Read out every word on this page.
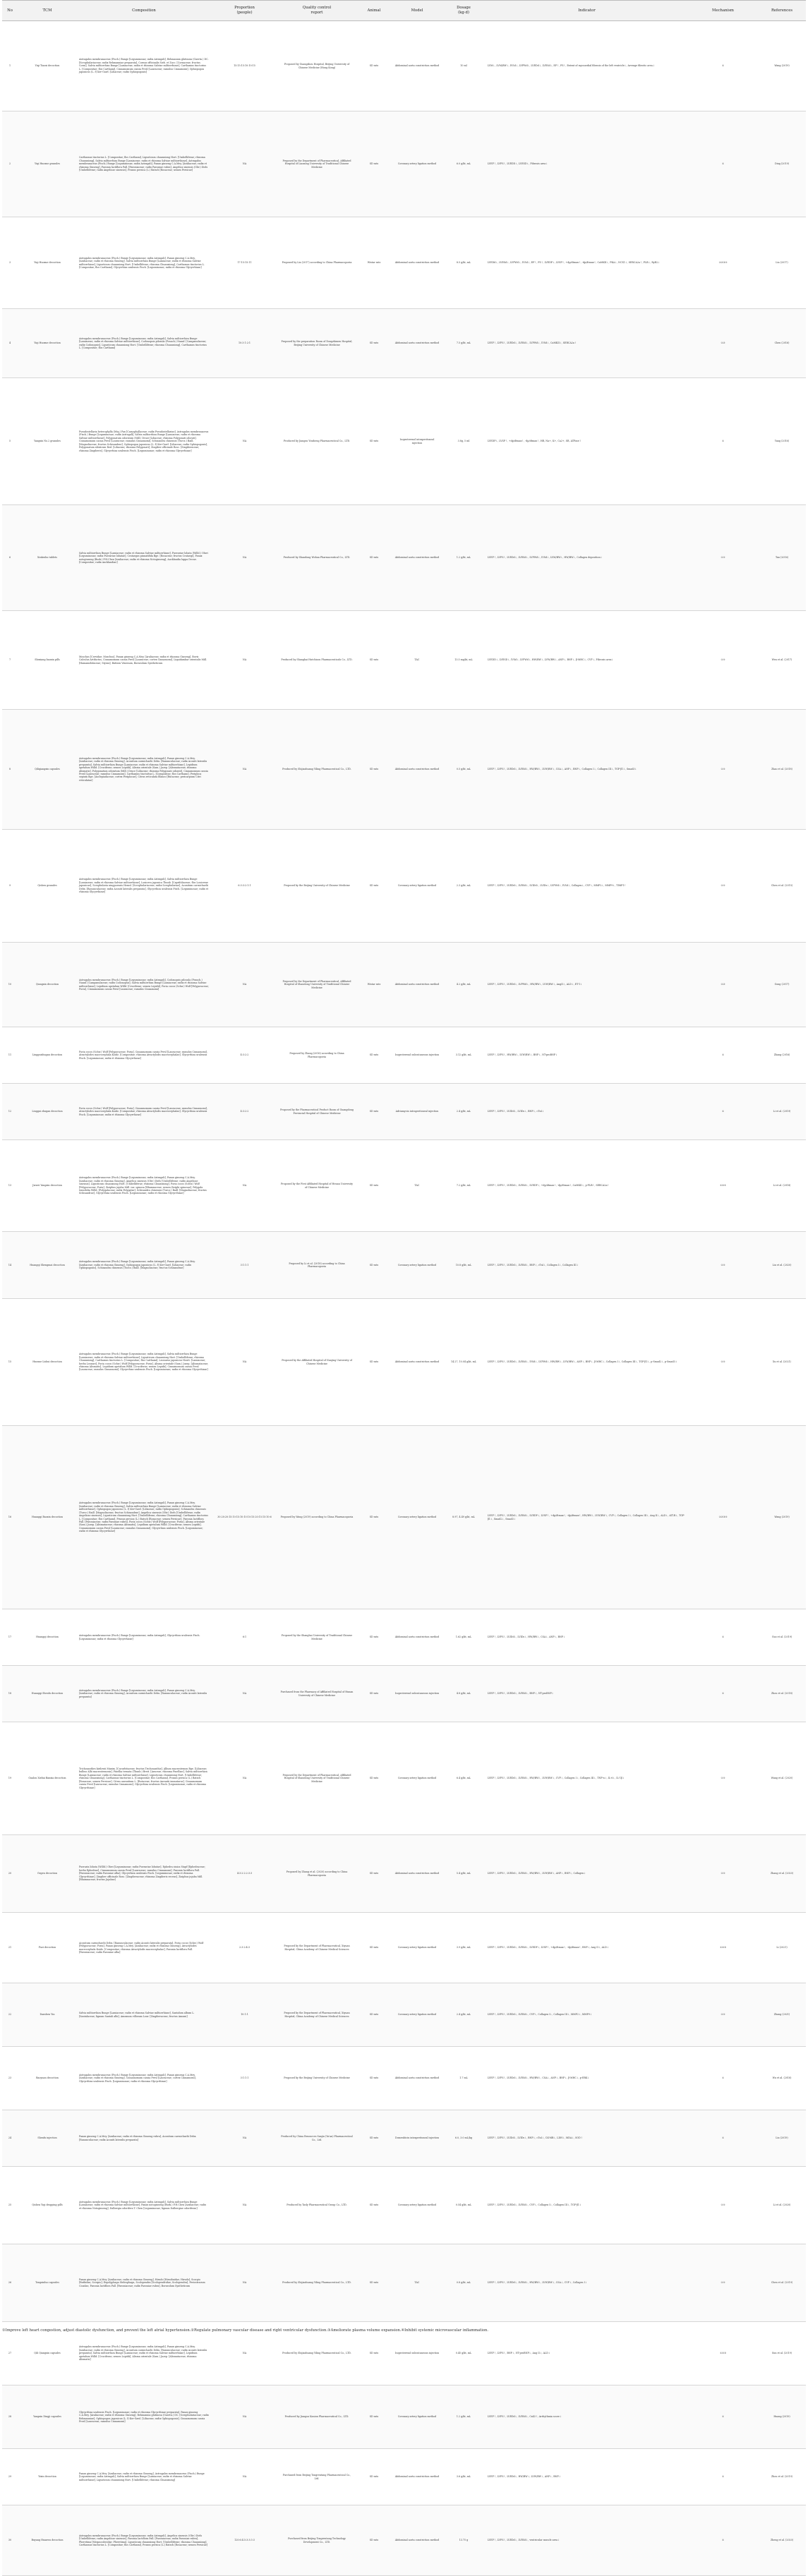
No	TCM	Composition	Proportion
(people)	Quality control
report	Animal	Model	Dosage
(kg·d)	Indicator	Mechanism	References
1	Yiqi Tiaoxi decoction	Astragalus membranaceus (Fisch.) Bunge [Leguminosae; radix Astragali], Rehmannia glutinosa (Gaertn.) DC. [Scrophulariaceae; radix Rehmanniae preparata], Cornus officinalis Sieb. et Zucc. [Cornaceae; fructus Corni], Salvia miltiorrhiza Bunge [Lamiaceae; radix et rhizoma Salviae miltiorrhizae], Carthamus tinctorius L. [Compositae; flos Carthami], Cinnamomum cassia Presl [Lauraceae; ramulus Cinnamomi], Ophiopogon japonicus (L. f) Ker-Gawl. [Liliaceae; radix Ophiopogonis]	15:15:15:10:10:15	Proposed by Guangzhou Hospital, Beijing University of Chinese Medicine (Hong Kong)	SD rats	Abdominal aorta constriction method	10 ml	LVM↓, LVM/BW↓, IVSd↓, LVPWd↓, LVEDd↓, LVESd↓, EF↑, FS↑, Extent of myocardial fibrosis of the left ventricle↓, Average fibrotic area↓	①	Wang (2019)
2	Yiqi Huoxue granules	Carthamus tinctorius L. [Compositae; flos Carthami], Ligusticum chuanxiong Hort. [Umbelliferae; rhizoma Chuanxiong], Salvia miltiorrhiza Bunge [Lamiaceae; radix et rhizoma Salviae miltiorrhizae], Astragalus membranaceus (Fisch.) Bunge [Leguminosae; radix Astragali], Panax ginseng C.A.Mey. [Araliaceae; radix et rhizoma Ginseng], Paeonia lactiflora Pall. [Paeoniaceae; radix Paeoniae rubra], Angelica sinensis (Oliv.) Diels [Umbelliferae; radix Angelicae sinensis], Prunus persica (L.) Batsch [Rosaceae; semen Persicae]	NA	Proposed by the Department of Pharmaceutical, Affiliated Hospital of Liaoning University of Traditional Chinese Medicine	SD rats	Coronary artery ligation method	6.0 g/kt, mL	LVEF↑, LVFS↑, LVEDD↓, LVESD↓, Fibrosis area↓	①	Ding (2019)
3	Yiqi Huoxue decoction	Astragalus membranaceus (Fisch.) Bunge [Leguminosae; radix Astragali], Panax ginseng C.A.Mey. [Araliaceae; radix et rhizoma Ginseng], Salvia miltiorrhiza Bunge [Lamiaceae; radix et rhizoma Salviae miltiorrhizae], Ligusticum chuanxiong Hort. [Umbelliferae; rhizoma Chuanxiong], Carthamus tinctorius L. [Compositae; flos Carthami], Glycyrrhiza uralensis Fisch. [Leguminosae; radix et rhizoma Glycyrrhizae]	17:15:15:11	Proposed by Lin (2017) according to China Pharmacopoeia	Wistar rats	Abdominal aorta constriction method	8.5 g/kt, mL	LVEDd↓, LVESd↓, LVPWd↓, IVSd↓, EF↑, FS↑, LVEDP↓, LVSP↑, +dp/dtmax↑, -dp/dtmax↑, CaMKII↓, PKA↓, NCX1↓, SERCA2a↑, PLB↓, RyR2↓	①②③④	Liu (2017)
4	Yiqi Huoxue decoction	Astragalus membranaceus (Fisch.) Bunge [Leguminosae; radix Astragali], Salvia miltiorrhiza Bunge [Lamiaceae; radix et rhizoma Salviae miltiorrhizae], Codonopsis pilosula (Franch.) Nannf. [Campanulaceae; radix Codonopsis], Ligusticum chuanxiong Hort. [Umbelliferae; rhizoma Chuanxiong], Carthamus tinctorius L. [Compositae; flos Carthami]	10:3:1:2:1	Proposed by the preparation Room of Dongzhimen Hospital, Beijing University of Chinese Medicine	SD rats	Abdominal aorta constriction method	7.5 g/kt, mL	LVEF↑, LVFS↑, LVEDd↓, LVESd↓, LVPWd↓, IVSd↓, CaMKII↓, SERCA2a↑	①②	Chen (2016)
5	Yangxin No.2 granules	Pseudostellaria heterophylla (Miq.) Pax [Caryophyllaceae; radix Pseudostellariae], Astragalus membranaceus (Fisch.) Bunge [Leguminosae; radix Astragali], Salvia miltiorrhiza Bunge [Lamiaceae; radix et rhizoma Salviae miltiorrhizae], Polygonatum odoratum (Mill.) Druce [Liliaceae; rhizoma Polygonati odorati], Cinnamomum cassia Presl [Lauraceae; ramulus Cinnamomi], Schisandra chinensis (Turcz.) Baill. [Magnoliaceae; fructus Schisandrae], Ophiopogon japonicus (L. f) Ker-Gawl. [Liliaceae; radix Ophiopogonis], Polygonatum sibiricum Red. [Liliaceae; rhizoma Polygonati], Zingiber officinale Rosc. [Zingiberaceae; rhizoma Zingiberis], Glycyrrhiza uralensis Fisch. [Leguminosae; radix et rhizoma Glycyrrhizae]	NA	Produced by Jiangsu Yinsheng Pharmaceutical Co., LTD.	SD rats	Isoproterenol intraperitoneal injection	3.8g, 5 ml	LVEDP↓, LVSP↑, +dp/dtmax↑, -dp/dtmax↑, HR, Na+, K+, Ca2+, SR, ATPase↑	①	Yang (2016)
6	Xinkeshu tablets	Salvia miltiorrhiza Bunge [Lamiaceae; radix et rhizoma Salviae miltiorrhizae], Puerariae lobata (Willd.) Ohwi [Leguminosae; radix Puerariae lobatae], Crataegus pinnatifida Bge. [Rosaceae; fructus Crataegi], Panax notoginseng (Burk.) F.H.Chen [Araliaceae; radix et rhizoma Notoginseng], Aucklandia lappa Decne. [Compositae; radix Aucklandiae]	NA	Produced by Shandong Wohua Pharmaceutical Co., LTD.	SD rats	Abdominal aorta constriction method	1.2 g/kt, mL	LVEF↑, LVFS↑, LVEDd↓, LVESd↓, LVPWd↓, IVSd↓, LVM/BW↓, HW/BW↓, Collagen deposition↓	①④	Tan (2016)
7	Shexiang baoxin pills	Moschus [Cervidae; Moschus], Panax ginseng C.A.Mey. [Araliaceae; radix et rhizoma Ginseng], Bovis Calculus Artifactus, Cinnamomum cassia Presl [Lauraceae; cortex Cinnamomi], Liquidambar orientalis Mill. [Hamamelidaceae; Styrax], Bufonis Venenum, Borneolum Syntheticum	NA	Produced by Shanghai Hutchison Pharmaceuticals Co., LTD.	SD rats	TAC	13.5 mg/kt, mL	LVEDD↓, LVESD↓, IVSd↓, LVPWd↓, HW/BW↓, LVW/BW↓, ANP↓, BNP↓, β-MHC↓, CVF↓, Fibrosis area↓	①④	Wen et al. (2017)
8	Qiliqiangxin capsules	Astragalus membranaceus (Fisch.) Bunge [Leguminosae; radix Astragali], Panax ginseng C.A.Mey. [Araliaceae; radix et rhizoma Ginseng], Aconitum carmichaelii Debx. [Ranunculaceae; radix Aconiti lateralis preparata], Salvia miltiorrhiza Bunge [Lamiaceae; radix et rhizoma Salviae miltiorrhizae], Lepidium apetalum Willd. [Cruciferae; semen Lepidii], Alisma orientale (Sam.) Juzep. [Alismataceae; rhizoma Alismatis], Polygonatum odoratum (Mill.) Druce [Liliaceae; rhizoma Polygonati odorati], Cinnamomum cassia Presl [Lauraceae; ramulus Cinnamomi], Carthamus tinctorius L. [Compositae; flos Carthami], Periploca sepium Bge. [Asclepiadaceae; cortex Periplocae], Citrus reticulata Blanco [Rutaceae; pericarpium Citri reticulatae]	NA	Produced by Shijiazhuang Yiling Pharmaceutical Co., LTD.	SD rats	Abdominal aorta constriction method	0.5 g/kt, mL	LVEF↑, LVFS↑, LVEDd↓, LVESd↓, HW/BW↓, LVW/BW↓, CSA↓, ANP↓, BNP↓, Collagen I↓, Collagen III↓, TGF-β1↓, Smad3↓	①④	Zhao et al. (2018)
9	Qishen granules	Astragalus membranaceus (Fisch.) Bunge [Leguminosae; radix Astragali], Salvia miltiorrhiza Bunge [Lamiaceae; radix et rhizoma Salviae miltiorrhizae], Lonicera japonica Thunb. [Caprifoliaceae; flos Lonicerae japonicae], Scrophularia ningpoensis Hemsl. [Scrophulariaceae; radix Scrophulariae], Aconitum carmichaelii Debx. [Ranunculaceae; radix Aconiti lateralis preparata], Glycyrrhiza uralensis Fisch. [Leguminosae; radix et rhizoma Glycyrrhizae]	6:3:3:2:1:1	Proposed by the Beijing University of Chinese Medicine	SD rats	Coronary artery ligation method	2.3 g/kt, mL	LVEF↑, LVFS↑, LVEDd↓, LVESd↓, LVIDd↓, LVIDs↓, LVPWd↓, IVSd↓, Collagen↓, CVF↓, MMP2↓, MMP9↓, TIMP1↑	①④	Chen et al. (2015)
10	Qiangxin decoction	Astragalus membranaceus (Fisch.) Bunge [Leguminosae; radix Astragali], Codonopsis pilosula (Franch.) Nannf. [Campanulaceae; radix Codonopsis], Salvia miltiorrhiza Bunge [Lamiaceae; radix et rhizoma Salviae miltiorrhizae], Lepidium apetalum Willd. [Cruciferae; semen Lepidii], Poria cocos (Schw.) Wolf [Polyporaceae; Poria], Cinnamomum cassia Presl [Lauraceae; ramulus Cinnamomi]	NA	Proposed by the Department of Pharmaceutical, Affiliated Hospital of Shandong University of Traditional Chinese Medicine	Wistar rats	Abdominal aorta constriction method	4.2 g/kt, mL	LVEF↑, LVFS↑, LVEDd↓, LVPWd↓, HW/BW↓, LVW/BW↓, AngII↓, ALD↓, ET-1↓	①②	Gong (2017)
11	Lingguizhugan decoction	Poria cocos (Schw.) Wolf [Polyporaceae; Poria], Cinnamomum cassia Presl [Lauraceae; ramulus Cinnamomi], Atractylodes macrocephala Koidz. [Compositae; rhizoma Atractylodis macrocephalae], Glycyrrhiza uralensis Fisch. [Leguminosae; radix et rhizoma Glycyrrhizae]	4:3:2:2	Proposed by Zhang (2016) according to China Pharmacopoeia	SD rats	Isoproterenol subcutaneous injection	3.12 g/kt, mL	LVEF↑, LVFS↑, HW/BW↓, LVW/BW↓, BNP↓, NT-proBNP↓	①	Zhang (2016)
12	Linggui zhugan decoction	Poria cocos (Schw.) Wolf [Polyporaceae; Poria], Cinnamomum cassia Presl [Lauraceae; ramulus Cinnamomi], Atractylodes macrocephala Koidz. [Compositae; rhizoma Atractylodis macrocephalae], Glycyrrhiza uralensis Fisch. [Leguminosae; radix et rhizoma Glycyrrhizae]	4:3:2:2	Proposed by the Pharmaceutical Product Room of Guangdong Provincial Hospital of Chinese Medicine	SD rats	Adriamycin intraperitoneal injection	2.4 g/kt, mL	LVEF↑, LVFS↑, LVIDd↓, LVIDs↓, BNP↓, cTnI↓	①	Li et al. (2019)
13	Jiawei Yangxin decoction	Astragalus membranaceus (Fisch.) Bunge [Leguminosae; radix Astragali], Panax ginseng C.A.Mey. [Araliaceae; radix et rhizoma Ginseng], Angelica sinensis (Oliv.) Diels [Umbelliferae; radix Angelicae sinensis], Ligusticum chuanxiong Hort. [Umbelliferae; rhizoma Chuanxiong], Poria cocos (Schw.) Wolf [Polyporaceae; Poria], Ziziphus jujuba Mill. var. spinosa [Rhamnaceae; semen Ziziphi spinosae], Polygala tenuifolia Willd. [Polygalaceae; radix Polygalae], Schisandra chinensis (Turcz.) Baill. [Magnoliaceae; fructus Schisandrae], Glycyrrhiza uralensis Fisch. [Leguminosae; radix et rhizoma Glycyrrhizae]	NA	Proposed by the First Affiliated Hospital of Henan University of Chinese Medicine	SD rats	TAC	7.2 g/kt, mL	LVEF↑, LVFS↑, LVEDd↓, LVESd↓, LVEDP↓, +dp/dtmax↑, -dp/dtmax↑, CaMKII↓, p-PLB↑, SERCA2a↑	①②④	Li et al. (2018)
14	Huangqi Shengmai decoction	Astragalus membranaceus (Fisch.) Bunge [Leguminosae; radix Astragali], Panax ginseng C.A.Mey. [Araliaceae; radix et rhizoma Ginseng], Ophiopogon japonicus (L. f) Ker-Gawl. [Liliaceae; radix Ophiopogonis], Schisandra chinensis (Turcz.) Baill. [Magnoliaceae; fructus Schisandrae]	3:1:1:1	Proposed by Li et al. (2018) according to China Pharmacopoeia	SD rats	Coronary artery ligation method	10.8 g/kt, mL	LVEF↑, LVFS↑, LVEDd↓, LVESd↓, BNP↓, cTnI↓, Collagen I↓, Collagen III↓	①④	Liu et al. (2020)
15	Huoxue Lishui decoction	Astragalus membranaceus (Fisch.) Bunge [Leguminosae; radix Astragali], Salvia miltiorrhiza Bunge [Lamiaceae; radix et rhizoma Salviae miltiorrhizae], Ligusticum chuanxiong Hort. [Umbelliferae; rhizoma Chuanxiong], Carthamus tinctorius L. [Compositae; flos Carthami], Leonurus japonicus Houtt. [Lamiaceae; herba Leonuri], Poria cocos (Schw.) Wolf [Polyporaceae; Poria], Alisma orientale (Sam.) Juzep. [Alismataceae; rhizoma Alismatis], Lepidium apetalum Willd. [Cruciferae; semen Lepidii], Cinnamomum cassia Presl [Lauraceae; ramulus Cinnamomi], Glycyrrhiza uralensis Fisch. [Leguminosae; radix et rhizoma Glycyrrhizae]	NA	Proposed by the Affiliated Hospital of Nanjing University of Chinese Medicine	SD rats	Abdominal aorta constriction method	14.27, 10.04 g/kt, mL	LVEF↑, LVFS↑, LVEDd↓, LVESd↓, IVSd↓, LVPWd↓, HW/BW↓, LVW/BW↓, ANP↓, BNP↓, β-MHC↓, Collagen I↓, Collagen III↓, TGF-β1↓, p-Smad2↓, p-Smad3↓	①④	Xu et al. (2021)
16	Huangqi Baoxin decoction	Astragalus membranaceus (Fisch.) Bunge [Leguminosae; radix Astragali], Panax ginseng C.A.Mey. [Araliaceae; radix et rhizoma Ginseng], Salvia miltiorrhiza Bunge [Lamiaceae; radix et rhizoma Salviae miltiorrhizae], Ophiopogon japonicus (L. f) Ker-Gawl. [Liliaceae; radix Ophiopogonis], Schisandra chinensis (Turcz.) Baill. [Magnoliaceae; fructus Schisandrae], Angelica sinensis (Oliv.) Diels [Umbelliferae; radix Angelicae sinensis], Ligusticum chuanxiong Hort. [Umbelliferae; rhizoma Chuanxiong], Carthamus tinctorius L. [Compositae; flos Carthami], Prunus persica (L.) Batsch [Rosaceae; semen Persicae], Paeonia lactiflora Pall. [Paeoniaceae; radix Paeoniae rubra], Poria cocos (Schw.) Wolf [Polyporaceae; Poria], Alisma orientale (Sam.) Juzep. [Alismataceae; rhizoma Alismatis], Lepidium apetalum Willd. [Cruciferae; semen Lepidii], Cinnamomum cassia Presl [Lauraceae; ramulus Cinnamomi], Glycyrrhiza uralensis Fisch. [Leguminosae; radix et rhizoma Glycyrrhizae]	30:20:20:15:10:15:10:10:10:15:20:15:15:10:6	Proposed by Wang (2019) according to China Pharmacopoeia	SD rats	Coronary artery ligation method	8.97, 4.49 g/kt, mL	LVEF↑, LVFS↑, LVEDd↓, LVESd↓, LVEDP↓, LVSP↑, +dp/dtmax↑, -dp/dtmax↑, HW/BW↓, LVW/BW↓, CVF↓, Collagen I↓, Collagen III↓, Ang II↓, ALD↓, AT1R↓, TGF-β1↓, Smad2↓, Smad3↓	①②③④	Wang (2019)
17	Huangqi decoction	Astragalus membranaceus (Fisch.) Bunge [Leguminosae; radix Astragali], Glycyrrhiza uralensis Fisch. [Leguminosae; radix et rhizoma Glycyrrhizae]	6:1	Proposed by the Shanghai University of Traditional Chinese Medicine	SD rats	Abdominal aorta constriction method	1.62 g/kt, mL	LVEF↑, LVFS↑, LVIDd↓, LVIDs↓, HW/BW↓, CSA↓, ANP↓, BNP↓	①	Guo et al. (2019)
18	Huangqi Shenfu decoction	Astragalus membranaceus (Fisch.) Bunge [Leguminosae; radix Astragali], Panax ginseng C.A.Mey. [Araliaceae; radix et rhizoma Ginseng], Aconitum carmichaelii Debx. [Ranunculaceae; radix Aconiti lateralis preparata]	NA	Purchased from the Pharmacy of Affiliated Hospital of Hunan University of Chinese Medicine	SD rats	Isoproterenol subcutaneous injection	4.8 g/kt, mL	LVEF↑, LVFS↑, LVEDd↓, LVESd↓, BNP↓, NT-proBNP↓	①	Zhou et al. (2018)
19	Gualou Xiebai Banxia decoction	Trichosanthes kirilowii Maxim. [Cucurbitaceae; fructus Trichosanthis], Allium macrostemon Bge. [Liliaceae; bulbus Allii macrostemonis], Pinellia ternata (Thunb.) Breit. [Araceae; rhizoma Pinelliae], Salvia miltiorrhiza Bunge [Lamiaceae; radix et rhizoma Salviae miltiorrhizae], Ligusticum chuanxiong Hort. [Umbelliferae; rhizoma Chuanxiong], Carthamus tinctorius L. [Compositae; flos Carthami], Prunus persica (L.) Batsch [Rosaceae; semen Persicae], Citrus aurantium L. [Rutaceae; fructus Aurantii immaturus], Cinnamomum cassia Presl [Lauraceae; ramulus Cinnamomi], Glycyrrhiza uralensis Fisch. [Leguminosae; radix et rhizoma Glycyrrhizae]	NA	Proposed by the Department of Pharmaceutical, Affiliated Hospital of Shandong University of Traditional Chinese Medicine	SD rats	Coronary artery ligation method	6.4 g/kt, mL	LVEF↑, LVFS↑, LVEDd↓, LVESd↓, HW/BW↓, LVW/BW↓, CVF↓, Collagen I↓, Collagen III↓, TNF-α↓, IL-6↓, IL-1β↓	①④	Wang et al. (2020)
20	Gegen decoction	Pueraria lobata (Willd.) Ohwi [Leguminosae; radix Puerariae lobatae], Ephedra sinica Stapf [Ephedraceae; herba Ephedrae], Cinnamomum cassia Presl [Lauraceae; ramulus Cinnamomi], Paeonia lactiflora Pall. [Paeoniaceae; radix Paeoniae alba], Glycyrrhiza uralensis Fisch. [Leguminosae; radix et rhizoma Glycyrrhizae], Zingiber officinale Rosc. [Zingiberaceae; rhizoma Zingiberis recens], Ziziphus jujuba Mill. [Rhamnaceae; fructus Jujubae]	4:3:2:2:2:3:3	Proposed by Zhang et al. (2020) according to China Pharmacopoeia	SD rats	Abdominal aorta constriction method	5.4 g/kt, mL	LVEF↑, LVFS↑, LVEDd↓, LVESd↓, HW/BW↓, LVW/BW↓, ANP↓, BNP↓, Collagen↓	①④	Zhang et al. (2020)
21	Fuzi decoction	Aconitum carmichaelii Debx. [Ranunculaceae; radix Aconiti lateralis preparata], Poria cocos (Schw.) Wolf [Polyporaceae; Poria], Panax ginseng C.A.Mey. [Araliaceae; radix et rhizoma Ginseng], Atractylodes macrocephala Koidz. [Compositae; rhizoma Atractylodis macrocephalae], Paeonia lactiflora Pall. [Paeoniaceae; radix Paeoniae alba]	2:3:2:4:3	Proposed by the Department of Pharmaceutical, Xiyuan Hospital, China Academy of Chinese Medical Sciences	SD rats	Coronary artery ligation method	3.9 g/kt, mL	LVEF↑, LVFS↑, LVEDd↓, LVESd↓, LVEDP↓, LVSP↑, +dp/dtmax↑, -dp/dtmax↑, BNP↓, Ang II↓, ALD↓	①②③	Li (2021)
22	Danshen Yin	Salvia miltiorrhiza Bunge [Lamiaceae; radix et rhizoma Salviae miltiorrhizae], Santalum album L. [Santalaceae; lignum Santali albi], Amomum villosum Lour. [Zingiberaceae; fructus Amomi]	10:1:1	Proposed by the Department of Pharmaceutical, Xiyuan Hospital, China Academy of Chinese Medical Sciences	SD rats	Coronary artery ligation method	2.4 g/kt, mL	LVEF↑, LVFS↑, LVEDd↓, LVESd↓, CVF↓, Collagen I↓, Collagen III↓, MMP2↓, MMP9↓	①④	Zhang (2021)
23	Baoyuan decoction	Astragalus membranaceus (Fisch.) Bunge [Leguminosae; radix Astragali], Panax ginseng C.A.Mey. [Araliaceae; radix et rhizoma Ginseng], Cinnamomum cassia Presl [Lauraceae; cortex Cinnamomi], Glycyrrhiza uralensis Fisch. [Leguminosae; radix et rhizoma Glycyrrhizae]	3:1:1:1	Proposed by the Beijing University of Chinese Medicine	SD rats	Abdominal aorta constriction method	1.7 mL	LVEF↑, LVFS↑, LVEDd↓, LVESd↓, HW/BW↓, CSA↓, ANP↓, BNP↓, β-MHC↓, p-ERK↓	①	Wu et al. (2018)
24	Shenfu injection	Panax ginseng C.A.Mey. [Araliaceae; radix et rhizoma Ginseng rubra], Aconitum carmichaelii Debx. [Ranunculaceae; radix Aconiti lateralis preparata]	NA	Produced by China Resources Sanjiu (Ya'an) Pharmaceutical Co., Ltd.	SD rats	Doxorubicin intraperitoneal injection	6.0, 3.0 mL/kg	LVEF↑, LVFS↑, LVIDd↓, LVIDs↓, BNP↓, cTnI↓, CK-MB↓, LDH↓, MDA↓, SOD↑	①	Liu (2019)
25	Qishen Yiqi dropping pills	Astragalus membranaceus (Fisch.) Bunge [Leguminosae; radix Astragali], Salvia miltiorrhiza Bunge [Lamiaceae; radix et rhizoma Salviae miltiorrhizae], Panax notoginseng (Burk.) F.H.Chen [Araliaceae; radix et rhizoma Notoginseng], Dalbergia odorifera T. Chen [Leguminosae; lignum Dalbergiae odoriferae]	NA	Produced by Tasly Pharmaceutical Group Co., LTD.	SD rats	Coronary artery ligation method	0.54 g/kt, mL	LVEF↑, LVFS↑, LVEDd↓, LVESd↓, CVF↓, Collagen I↓, Collagen III↓, TGF-β1↓	①④	Li et al. (2020)
26	Tongxinluo capsules	Panax ginseng C.A.Mey. [Araliaceae; radix et rhizoma Ginseng], Hirudo [Hirudinidae; Hirudo], Scorpio [Buthidae; Scorpio], Eupolyphaga Steleophaga, Scolopendra [Scolopendridae; Scolopendra], Periostracum Cicadae, Paeonia lactiflora Pall. [Paeoniaceae; radix Paeoniae rubra], Borneolum Syntheticum	NA	Produced by Shijiazhuang Yiling Pharmaceutical Co., LTD.	SD rats	TAC	0.8 g/kt, mL	LVEF↑, LVFS↑, LVEDd↓, LVESd↓, HW/BW↓, LVW/BW↓, CSA↓, CVF↓, Collagen I↓	①④	Chen et al. (2019)
27	Qili Qiangxin capsules	Astragalus membranaceus (Fisch.) Bunge [Leguminosae; radix Astragali], Panax ginseng C.A.Mey. [Araliaceae; radix et rhizoma Ginseng], Aconitum carmichaelii Debx. [Ranunculaceae; radix Aconiti lateralis preparata], Salvia miltiorrhiza Bunge [Lamiaceae; radix et rhizoma Salviae miltiorrhizae], Lepidium apetalum Willd. [Cruciferae; semen Lepidii], Alisma orientale (Sam.) Juzep. [Alismataceae; rhizoma Alismatis]	NA	Produced by Shijiazhuang Yiling Pharmaceutical Co., LTD.	SD rats	Isoproterenol subcutaneous injection	0.45 g/kt, mL	LVEF↑, LVFS↑, BNP↓, NT-proBNP↓, Ang II↓, ALD↓	①②③	Sun et al. (2019)
28	Yangxin Dingji capsules	Glycyrrhiza uralensis Fisch. [Leguminosae; radix et rhizoma Glycyrrhizae preparata], Panax ginseng C.A.Mey. [Araliaceae; radix et rhizoma Ginseng], Rehmannia glutinosa (Gaertn.) DC. [Scrophulariaceae; radix Rehmanniae], Ophiopogon japonicus (L. f) Ker-Gawl. [Liliaceae; radix Ophiopogonis], Cinnamomum cassia Presl [Lauraceae; ramulus Cinnamomi]	NA	Produced by Jiangsu Kanion Pharmaceutical Co., LTD.	SD rats	Coronary artery ligation method	1.2 g/kt, mL	LVEF↑, LVFS↑, LVEDd↓, LVESd↓, Cx43↑, Arrhythmia score↓	①	Huang (2019)
29	Yixin decoction	Panax ginseng C.A.Mey. [Araliaceae; radix et rhizoma Ginseng], Astragalus membranaceus (Fisch.) Bunge [Leguminosae; radix Astragali], Salvia miltiorrhiza Bunge [Lamiaceae; radix et rhizoma Salviae miltiorrhizae], Ligusticum chuanxiong Hort. [Umbelliferae; rhizoma Chuanxiong]	NA	Purchased from Beijing Tongrentang Pharmaceutical Co., Ltd.	SD rats	Abdominal aorta constriction method	3.6 g/kt, mL	LVEF↑, LVFS↑, LVEDd↓, HW/BW↓, LVW/BW↓, ANP↓, BNP↓	①	Zhou et al. (2019)
30	Buyang Huanwu decoction	Astragalus membranaceus (Fisch.) Bunge [Leguminosae; radix Astragali], Angelica sinensis (Oliv.) Diels [Umbelliferae; radix Angelicae sinensis], Paeonia lactiflora Pall. [Paeoniaceae; radix Paeoniae rubra], Pheretima [Megascolecidae; Pheretima], Ligusticum chuanxiong Hort. [Umbelliferae; rhizoma Chuanxiong], Carthamus tinctorius L. [Compositae; flos Carthami], Prunus persica (L.) Batsch [Rosaceae; semen Persicae]	120:6:4.5:3:3:3:3	Purchased from Beijing Tongrentang Technology Development Co., LTD.	SD rats	Abdominal aorta constriction method	13.75 g	LVEF↑, LVFS↑, LVEDd↓, LVESd↓, ventricular muscle area↓	①	Zheng et al. (2020)
①Improve left heart congestion, adjust diastolic dysfunction, and prevent the left atrial hypertension.②Regulate pulmonary vascular disease and right ventricular dysfunction.③Ameliorate plasma volume expansion.④Inhibit systemic microvascular inflammation.
